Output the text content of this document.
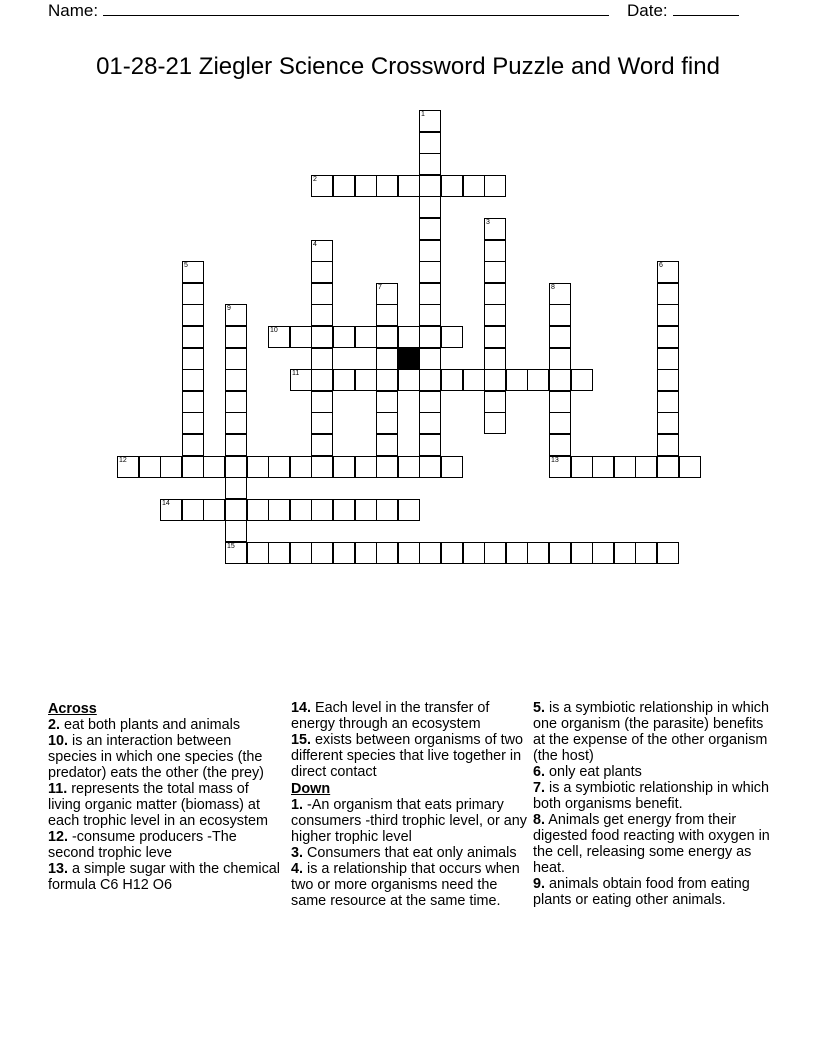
Name:	Date:
01-28-21 Ziegler Science Crossword Puzzle and Word find
2
10
11
12	13
14
15
1
3
4
5	6
7	8
9
Across
2. eat both plants and animals
10. is an interaction between species in which one species (the predator) eats the other (the prey)
11. represents the total mass of living organic matter (biomass) at each trophic level in an ecosystem
12. -consume producers -The second trophic leve
13. a simple sugar with the chemical formula C6 H12 O6
14. Each level in the transfer of energy through an ecosystem
15. exists between organisms of two different species that live together in direct contact
Down
1. -An organism that eats primary consumers -third trophic level, or any higher trophic level
3. Consumers that eat only animals
4. is a relationship that occurs when two or more organisms need the same resource at the same time.
5. is a symbiotic relationship in which one organism (the parasite) benefits at the expense of the other organism (the host)
6. only eat plants
7. is a symbiotic relationship in which both organisms benefit.
8. Animals get energy from their digested food reacting with oxygen in the cell, releasing some energy as heat.
9. animals obtain food from eating plants or eating other animals.
